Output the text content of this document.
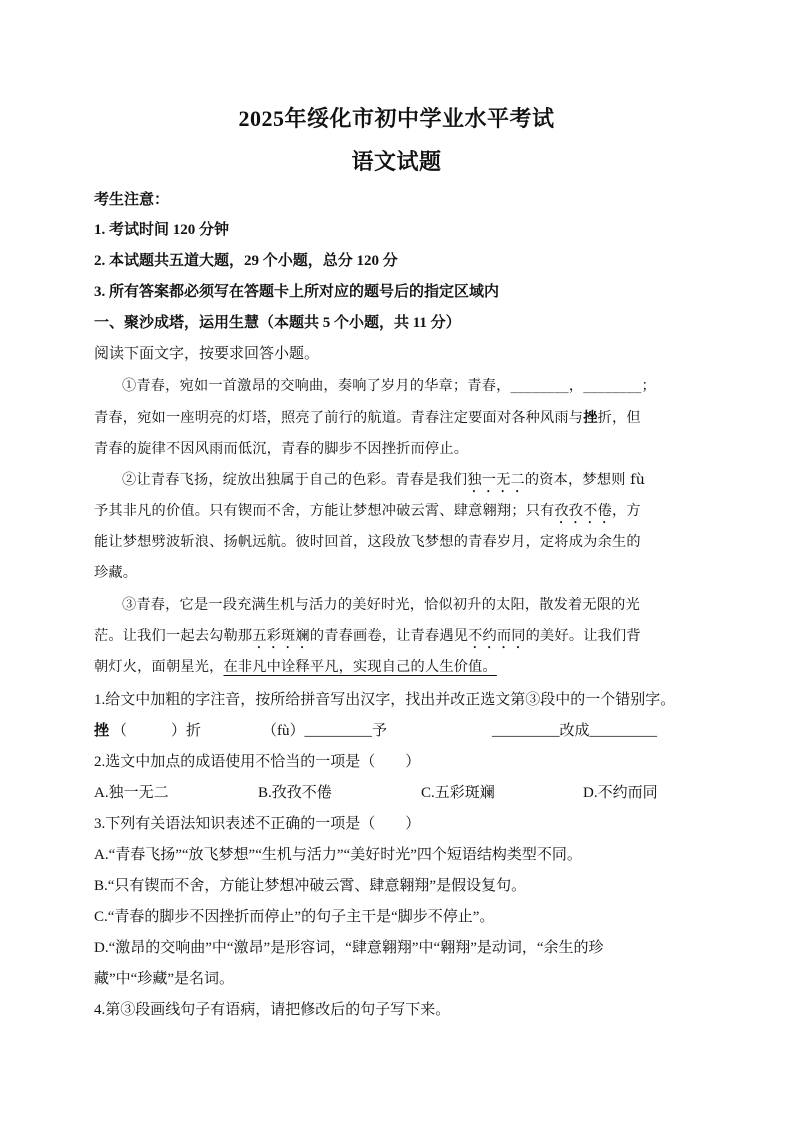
2025年绥化市初中学业水平考试
语文试题
考生注意：
1. 考试时间 120 分钟
2. 本试题共五道大题，29 个小题，总分 120 分
3. 所有答案都必须写在答题卡上所对应的题号后的指定区域内
一、聚沙成塔，运用生慧（本题共 5 个小题，共 11 分）
阅读下面文字，按要求回答小题。
①青春，宛如一首激昂的交响曲，奏响了岁月的华章；青春，________，________；
青春，宛如一座明亮的灯塔，照亮了前行的航道。青春注定要面对各种风雨与挫折，但
青春的旋律不因风雨而低沉，青春的脚步不因挫折而停止。
②让青春飞扬，绽放出独属于自己的色彩。青春是我们独一无二的资本，梦想则 fù
予其非凡的价值。只有锲而不舍，方能让梦想冲破云霄、肆意翱翔；只有孜孜不倦，方
能让梦想劈波斩浪、扬帆远航。彼时回首，这段放飞梦想的青春岁月，定将成为余生的
珍藏。
③青春，它是一段充满生机与活力的美好时光，恰似初升的太阳，散发着无限的光
茫。让我们一起去勾勒那五彩斑斓的青春画卷，让青春遇见不约而同的美好。让我们背
朝灯火，面朝星光，在非凡中诠释平凡，实现自己的人生价值。
1.给文中加粗的字注音，按所给拼音写出汉字，找出并改正选文第③段中的一个错别字。
挫 （	）折	（fù）_________予	_________改成_________
2.选文中加点的成语使用不恰当的一项是（　　）
A.独一无二	B.孜孜不倦	C.五彩斑斓	D.不约而同
3.下列有关语法知识表述不正确的一项是（　　）
A.“青春飞扬”“放飞梦想”“生机与活力”“美好时光”四个短语结构类型不同。
B.“只有锲而不舍，方能让梦想冲破云霄、肆意翱翔”是假设复句。
C.“青春的脚步不因挫折而停止”的句子主干是“脚步不停止”。
D.“激昂的交响曲”中“激昂”是形容词，“肆意翱翔”中“翱翔”是动词，“余生的珍
藏”中“珍藏”是名词。
4.第③段画线句子有语病，请把修改后的句子写下来。
